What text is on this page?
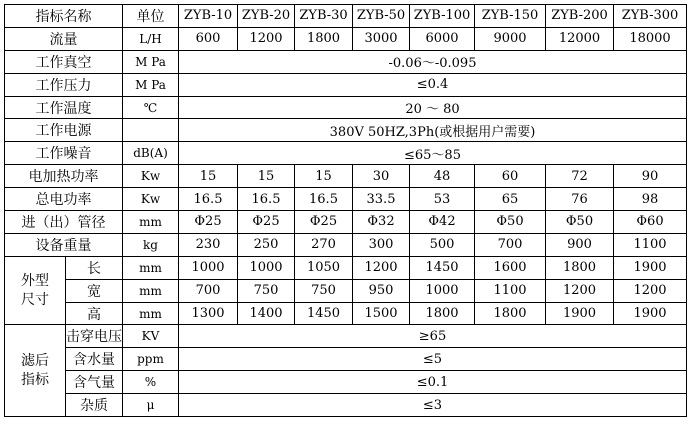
指标名称		单位	ZYB-10	ZYB-20	ZYB-30	ZYB-50	ZYB-100	ZYB-150	ZYB-200	ZYB-300
流量		L/H	600	1200	1800	3000	6000	9000	12000	18000
工作真空		M Pa	-0.06～-0.095							
工作压力		M Pa	≤0.4							
工作温度		℃	20 ～ 80							
工作电源			380V 50HZ,3Ph(或根据用户需要)							
工作噪音		dB(A)	≤65～85							
电加热功率		Kw	15	15	15	30	48	60	72	90
总电功率		Kw	16.5	16.5	16.5	33.5	53	65	76	98
进（出）管径		mm	Φ25	Φ25	Φ25	Φ32	Φ42	Φ50	Φ50	Φ60
设备重量		kg	230	250	270	300	500	700	900	1100
外型
尺寸	长	mm	1000	1000	1050	1200	1450	1600	1800	1900
	宽	mm	700	750	750	950	1000	1100	1200	1200
	高	mm	1300	1400	1450	1500	1800	1800	1900	1900
滤后
指标	击穿电压	KV	≥65							
	含水量	ppm	≤5							
	含气量	%	≤0.1							
	杂质	μ	≤3							
